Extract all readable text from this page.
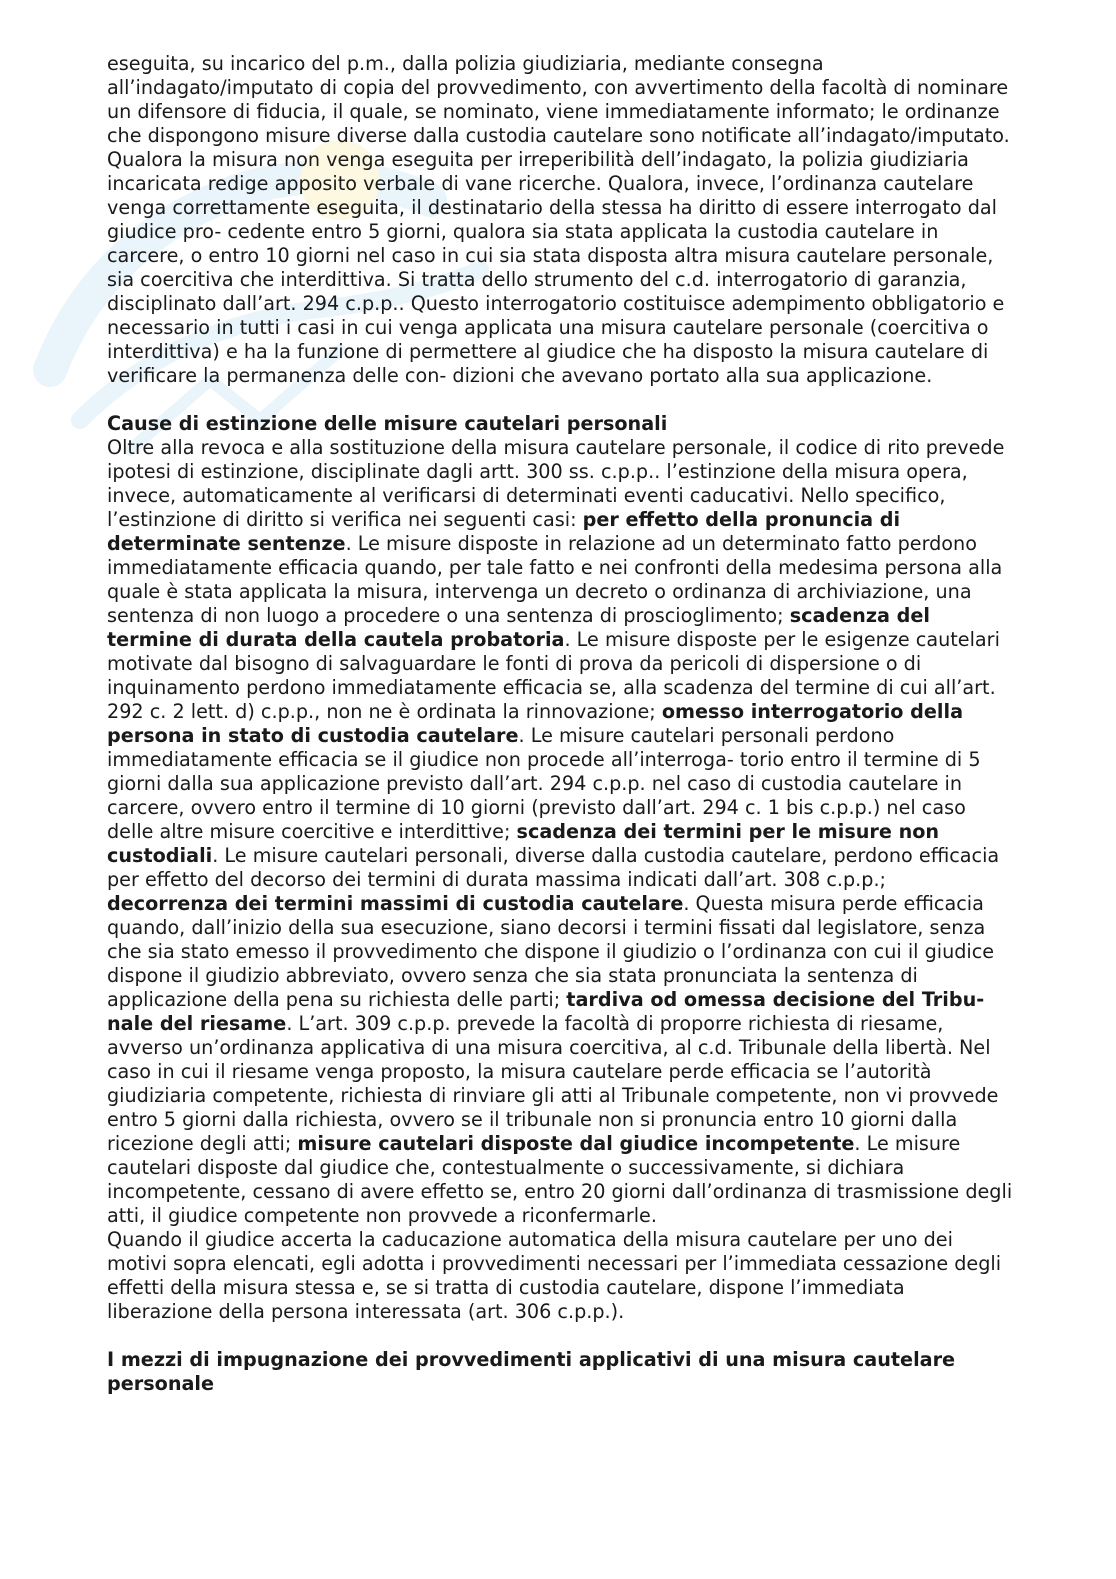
eseguita, su incarico del p.m., dalla polizia giudiziaria, mediante consegna all’indagato/imputato di copia del provvedimento, con avvertimento della facoltà di nominare un difensore di fiducia, il quale, se nominato, viene immediatamente informato; le ordinanze che dispongono misure diverse dalla custodia cautelare sono notificate all’indagato/imputato.

Qualora la misura non venga eseguita per irreperibilità dell’indagato, la polizia giudiziaria incaricata redige apposito verbale di vane ricerche. Qualora, invece, l’ordinanza cautelare venga correttamente eseguita, il destinatario della stessa ha diritto di essere interrogato dal giudice pro- cedente entro 5 giorni, qualora sia stata applicata la custodia cautelare in carcere, o entro 10 giorni nel caso in cui sia stata disposta altra misura cautelare personale, sia coercitiva che interdittiva. Si tratta dello strumento del c.d. interrogatorio di garanzia, disciplinato dall’art. 294 c.p.p.. Questo interrogatorio costituisce adempimento obbligatorio e necessario in tutti i casi in cui venga applicata una misura cautelare personale (coercitiva o interdittiva) e ha la funzione di permettere al giudice che ha disposto la misura cautelare di verificare la permanenza delle con- dizioni che avevano portato alla sua applicazione.

Cause di estinzione delle misure cautelari personali

Oltre alla revoca e alla sostituzione della misura cautelare personale, il codice di rito prevede ipotesi di estinzione, disciplinate dagli artt. 300 ss. c.p.p.. l’estinzione della misura opera, invece, automaticamente al verificarsi di determinati eventi caducativi. Nello specifico, l’estinzione di diritto si verifica nei seguenti casi: per effetto della pronuncia di determinate sentenze. Le misure disposte in relazione ad un determinato fatto perdono immediatamente efficacia quando, per tale fatto e nei confronti della medesima persona alla quale è stata applicata la misura, intervenga un decreto o ordinanza di archiviazione, una sentenza di non luogo a procedere o una sentenza di proscioglimento; scadenza del termine di durata della cautela probatoria. Le misure disposte per le esigenze cautelari motivate dal bisogno di salvaguardare le fonti di prova da pericoli di dispersione o di inquinamento perdono immediatamente efficacia se, alla scadenza del termine di cui all’art. 292 c. 2 lett. d) c.p.p., non ne è ordinata la rinnovazione; omesso interrogatorio della persona in stato di custodia cautelare. Le misure cautelari personali perdono immediatamente efficacia se il giudice non procede all’interroga- torio entro il termine di 5 giorni dalla sua applicazione previsto dall’art. 294 c.p.p. nel caso di custodia cautelare in carcere, ovvero entro il termine di 10 giorni (previsto dall’art. 294 c. 1 bis c.p.p.) nel caso delle altre misure coercitive e interdittive; scadenza dei termini per le misure non custodiali. Le misure cautelari personali, diverse dalla custodia cautelare, perdono efficacia per effetto del decorso dei termini di durata massima indicati dall’art. 308 c.p.p.; decorrenza dei termini massimi di custodia cautelare. Questa misura perde efficacia quando, dall’inizio della sua esecuzione, siano decorsi i termini fissati dal legislatore, senza che sia stato emesso il provvedimento che dispone il giudizio o l’ordinanza con cui il giudice dispone il giudizio abbreviato, ovvero senza che sia stata pronunciata la sentenza di applicazione della pena su richiesta delle parti; tardiva od omessa decisione del Tribu- nale del riesame. L’art. 309 c.p.p. prevede la facoltà di proporre richiesta di riesame, avverso un’ordinanza applicativa di una misura coercitiva, al c.d. Tribunale della libertà. Nel caso in cui il riesame venga proposto, la misura cautelare perde efficacia se l’autorità giudiziaria competente, richiesta di rinviare gli atti al Tribunale competente, non vi provvede entro 5 giorni dalla richiesta, ovvero se il tribunale non si pronuncia entro 10 giorni dalla ricezione degli atti; misure cautelari disposte dal giudice incompetente. Le misure cautelari disposte dal giudice che, contestualmente o successivamente, si dichiara incompetente, cessano di avere effetto se, entro 20 giorni dall’ordinanza di trasmissione degli atti, il giudice competente non provvede a riconfermarle.

Quando il giudice accerta la caducazione automatica della misura cautelare per uno dei motivi sopra elencati, egli adotta i provvedimenti necessari per l’immediata cessazione degli effetti della misura stessa e, se si tratta di custodia cautelare, dispone l’immediata liberazione della persona interessata (art. 306 c.p.p.).

I mezzi di impugnazione dei provvedimenti applicativi di una misura cautelare personale
